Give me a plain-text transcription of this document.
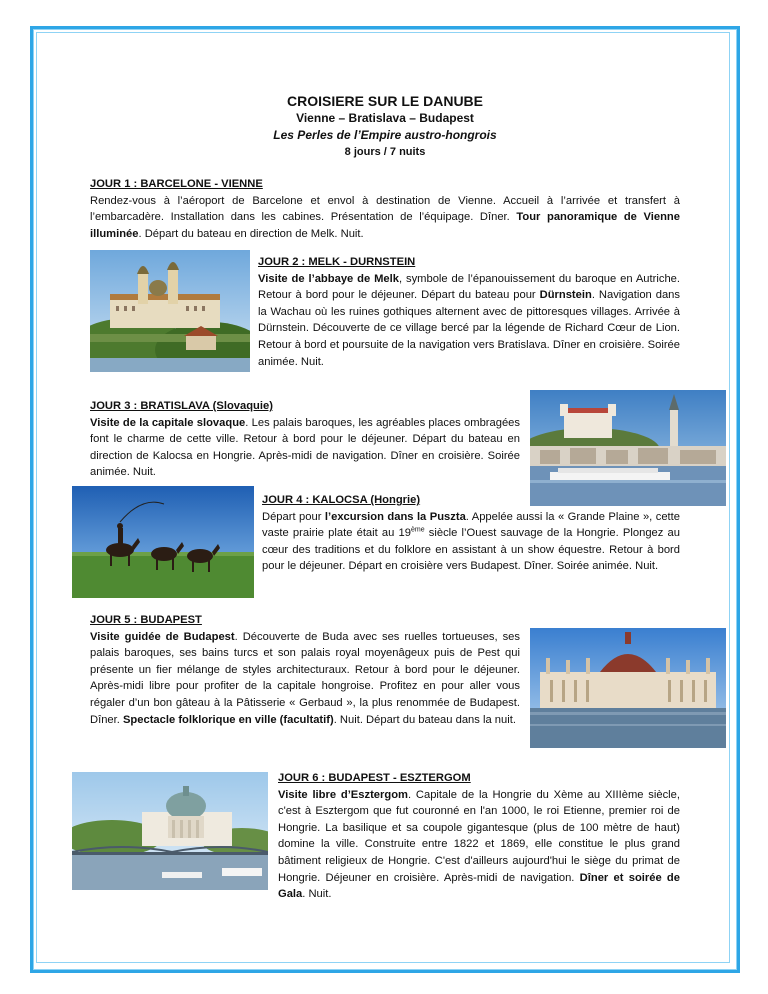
CROISIERE SUR LE DANUBE
Vienne – Bratislava – Budapest
Les Perles de l’Empire austro-hongrois
8 jours / 7 nuits
JOUR 1 : BARCELONE - VIENNE
Rendez-vous à l’aéroport de Barcelone et envol à destination de Vienne. Accueil à l’arrivée et transfert à l’embarcadère. Installation dans les cabines. Présentation de l’équipage. Dîner. Tour panoramique de Vienne illuminée. Départ du bateau en direction de Melk. Nuit.
JOUR 2 : MELK - DURNSTEIN
Visite de l’abbaye de Melk, symbole de l’épanouissement du baroque en Autriche. Retour à bord pour le déjeuner. Départ du bateau pour Dürnstein. Navigation dans la Wachau où les ruines gothiques alternent avec de pittoresques villages. Arrivée à Dürnstein. Découverte de ce village bercé par la légende de Richard Cœur de Lion. Retour à bord et poursuite de la navigation vers Bratislava. Dîner en croisière. Soirée animée. Nuit.
JOUR 3 : BRATISLAVA (Slovaquie)
Visite de la capitale slovaque. Les palais baroques, les agréables places ombragées font le charme de cette ville. Retour à bord pour le déjeuner. Départ du bateau en direction de Kalocsa en Hongrie. Après-midi de navigation. Dîner en croisière. Soirée animée. Nuit.
JOUR 4 : KALOCSA (Hongrie)
Départ pour l’excursion dans la Puszta. Appelée aussi la « Grande Plaine », cette vaste prairie plate était au 19ème siècle l’Ouest sauvage de la Hongrie. Plongez au cœur des traditions et du folklore en assistant à un show équestre. Retour à bord pour le déjeuner. Départ en croisière vers Budapest. Dîner. Soirée animée. Nuit.
JOUR 5 : BUDAPEST
Visite guidée de Budapest. Découverte de Buda avec ses ruelles tortueuses, ses palais baroques, ses bains turcs et son palais royal moyenâgeux puis de Pest qui présente un fier mélange de styles architecturaux. Retour à bord pour le déjeuner. Après-midi libre pour profiter de la capitale hongroise. Profitez en pour aller vous régaler d’un bon gâteau à la Pâtisserie « Gerbaud », la plus renommée de Budapest. Dîner. Spectacle folklorique en ville (facultatif). Nuit. Départ du bateau dans la nuit.
JOUR 6 : BUDAPEST - ESZTERGOM
Visite libre d’Esztergom. Capitale de la Hongrie du Xème au XIIIème siècle, c'est à Esztergom que fut couronné en l'an 1000, le roi Etienne, premier roi de Hongrie. La basilique et sa coupole gigantesque (plus de 100 mètre de haut) domine la ville. Construite entre 1822 et 1869, elle constitue le plus grand bâtiment religieux de Hongrie. C'est d'ailleurs aujourd'hui le siège du primat de Hongrie. Déjeuner en croisière. Après-midi de navigation. Dîner et soirée de Gala. Nuit.
